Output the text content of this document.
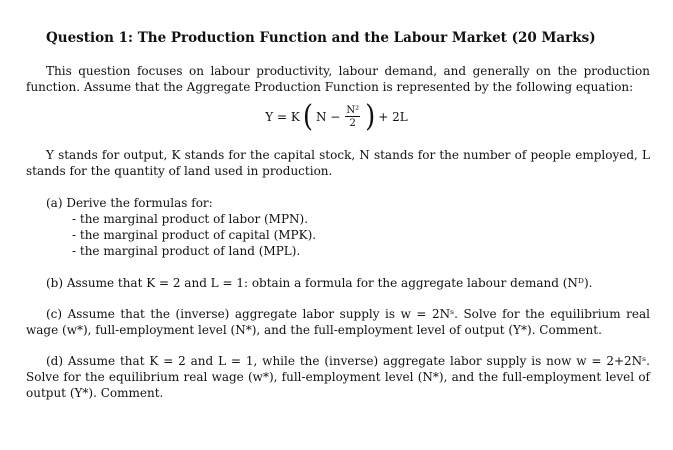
Question 1: The Production Function and the Labour Market (20 Marks)
This question focuses on labour productivity, labour demand, and generally on the production function. Assume that the Aggregate Production Function is represented by the following equation:
Y = K ( $N - \frac{\text{N²}}{2}$ ) + 2L
Y stands for output, K stands for the capital stock, N stands for the number of people employed, L stands for the quantity of land used in production.
(a) Derive the formulas for:
- the marginal product of labor (MPN).
- the marginal product of capital (MPK).
- the marginal product of land (MPL).
(b) Assume that K = 2 and L = 1: obtain a formula for the aggregate labour demand (Nᴰ).
(c) Assume that the (inverse) aggregate labor supply is w = 2Nˢ. Solve for the equilibrium real wage (w*), full-employment level (N*), and the full-employment level of output (Y*). Comment.
(d) Assume that K = 2 and L = 1, while the (inverse) aggregate labor supply is now w = 2+2Nˢ. Solve for the equilibrium real wage (w*), full-employment level (N*), and the full-employment level of output (Y*). Comment.
